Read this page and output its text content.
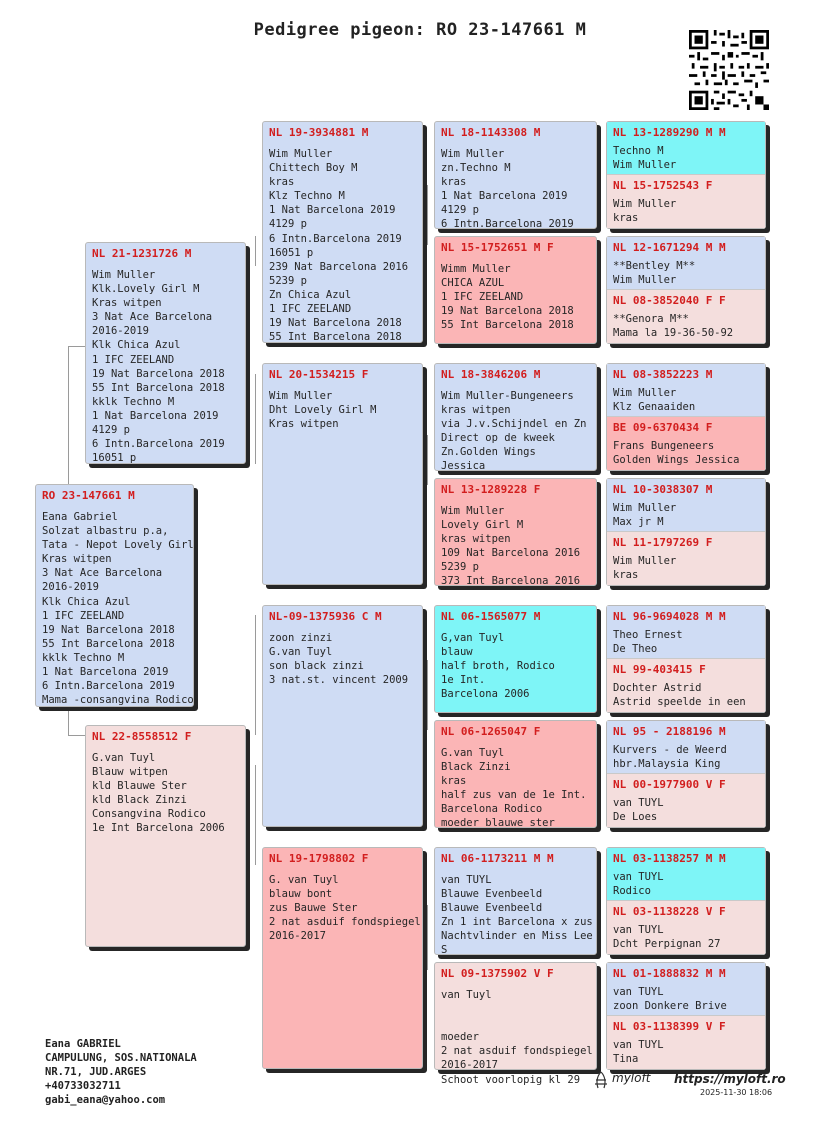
Pedigree pigeon: RO 23-147661 M
RO 23-147661 M
Eana Gabriel
Solzat albastru p.a,
Tata - Nepot Lovely Girl
Kras witpen
3 Nat Ace Barcelona
2016-2019
Klk Chica Azul
1 IFC ZEELAND
19 Nat Barcelona 2018
55 Int Barcelona 2018
kklk Techno M
1 Nat Barcelona 2019
6 Intn.Barcelona 2019
Mama -consangvina Rodico
NL 21-1231726 M
Wim Muller
Klk.Lovely Girl M
Kras witpen
3 Nat Ace Barcelona
2016-2019
Klk Chica Azul
1 IFC ZEELAND
19 Nat Barcelona 2018
55 Int Barcelona 2018
kklk Techno M
1 Nat Barcelona 2019
4129 p
6 Intn.Barcelona 2019
16051 p
NL 22-8558512 F
G.van Tuyl
Blauw witpen
kld Blauwe Ster
kld Black Zinzi
Consangvina Rodico
1e Int Barcelona 2006
NL 19-3934881 M
Wim Muller
Chittech Boy M
kras
Klz Techno M
1 Nat Barcelona 2019
4129 p
6 Intn.Barcelona 2019
16051 p
239 Nat Barcelona 2016
5239 p
Zn Chica Azul
1 IFC ZEELAND
19 Nat Barcelona 2018
55 Int Barcelona 2018
NL 20-1534215 F
Wim Muller
Dht Lovely Girl M
Kras witpen
NL-09-1375936 C M
zoon zinzi
G.van Tuyl
son black zinzi
3 nat.st. vincent 2009
NL 19-1798802 F
G. van Tuyl
blauw bont
zus Bauwe Ster
2 nat asduif fondspiegel
2016-2017
NL 18-1143308 M
Wim Muller
zn.Techno M
kras
1 Nat Barcelona 2019
4129 p
6 Intn.Barcelona 2019
NL 15-1752651 M F
Wimm Muller
CHICA AZUL
1 IFC ZEELAND
19 Nat Barcelona 2018
55 Int Barcelona 2018
NL 18-3846206 M
Wim Muller-Bungeneers
kras witpen
via J.v.Schijndel en Zn
Direct op de kweek
Zn.Golden Wings
Jessica
NL 13-1289228 F
Wim Muller
Lovely Girl M
kras witpen
109 Nat Barcelona 2016
5239 p
373 Int Barcelona 2016
NL 06-1565077 M
G,van Tuyl
blauw
half broth, Rodico
1e Int.
Barcelona 2006
NL 06-1265047 F
G.van Tuyl
Black Zinzi
kras
half zus van de 1e Int.
Barcelona Rodico
moeder blauwe ster
NL 06-1173211 M M
van TUYL
Blauwe Evenbeeld
Blauwe Evenbeeld
Zn 1 int Barcelona x zus
Nachtvlinder en Miss Lee
S
NL 09-1375902 V F
van Tuyl

moeder
2 nat asduif fondspiegel
2016-2017
Schoot voorlopig kl 29
NL 13-1289290 M M
Techno M
Wim Muller
NL 15-1752543 F
Wim Muller
kras
NL 12-1671294 M M
**Bentley M**
Wim Muller
NL 08-3852040 F F
**Genora M**
Mama la 19-36-50-92
NL 08-3852223 M
Wim Muller
Klz Genaaiden
BE 09-6370434 F
Frans Bungeneers
Golden Wings Jessica
NL 10-3038307 M
Wim Muller
Max jr M
NL 11-1797269 F
Wim Muller
kras
NL 96-9694028 M M
Theo Ernest
De Theo
NL 99-403415 F
Dochter Astrid
Astrid speelde in een
NL 95 - 2188196 M
Kurvers - de Weerd
hbr.Malaysia King
NL 00-1977900 V F
van TUYL
De Loes
NL 03-1138257 M M
van TUYL
Rodico
NL 03-1138228 V F
van TUYL
Dcht Perpignan 27
NL 01-1888832 M M
van TUYL
zoon Donkere Brive
NL 03-1138399 V F
van TUYL
Tina
Eana GABRIEL
CAMPULUNG, SOS.NATIONALA
NR.71, JUD.ARGES
+40733032711
gabi_eana@yahoo.com
myloft https://myloft.ro
2025-11-30 18:06
